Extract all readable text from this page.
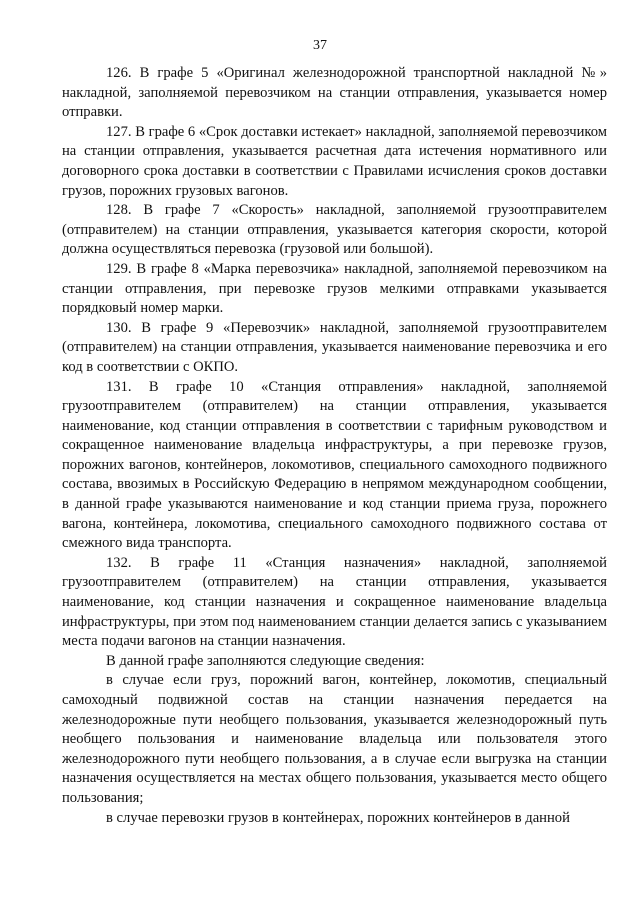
37

126. В графе 5 «Оригинал железнодорожной транспортной накладной №» накладной, заполняемой перевозчиком на станции отправления, указывается номер отправки.

127. В графе 6 «Срок доставки истекает» накладной, заполняемой перевозчиком на станции отправления, указывается расчетная дата истечения нормативного или договорного срока доставки в соответствии с Правилами исчисления сроков доставки грузов, порожних грузовых вагонов.

128. В графе 7 «Скорость» накладной, заполняемой грузоотправителем (отправителем) на станции отправления, указывается категория скорости, которой должна осуществляться перевозка (грузовой или большой).

129. В графе 8 «Марка перевозчика» накладной, заполняемой перевозчиком на станции отправления, при перевозке грузов мелкими отправками указывается порядковый номер марки.

130. В графе 9 «Перевозчик» накладной, заполняемой грузоотправителем (отправителем) на станции отправления, указывается наименование перевозчика и его код в соответствии с ОКПО.

131. В графе 10 «Станция отправления» накладной, заполняемой грузоотправителем (отправителем) на станции отправления, указывается наименование, код станции отправления в соответствии с тарифным руководством и сокращенное наименование владельца инфраструктуры, а при перевозке грузов, порожних вагонов, контейнеров, локомотивов, специального самоходного подвижного состава, ввозимых в Российскую Федерацию в непрямом международном сообщении, в данной графе указываются наименование и код станции приема груза, порожнего вагона, контейнера, локомотива, специального самоходного подвижного состава от смежного вида транспорта.

132. В графе 11 «Станция назначения» накладной, заполняемой грузоотправителем (отправителем) на станции отправления, указывается наименование, код станции назначения и сокращенное наименование владельца инфраструктуры, при этом под наименованием станции делается запись с указыванием места подачи вагонов на станции назначения.

В данной графе заполняются следующие сведения:

в случае если груз, порожний вагон, контейнер, локомотив, специальный самоходный подвижной состав на станции назначения передается на железнодорожные пути необщего пользования, указывается железнодорожный путь необщего пользования и наименование владельца или пользователя этого железнодорожного пути необщего пользования, а в случае если выгрузка на станции назначения осуществляется на местах общего пользования, указывается место общего пользования;

в случае перевозки грузов в контейнерах, порожних контейнеров в данной
